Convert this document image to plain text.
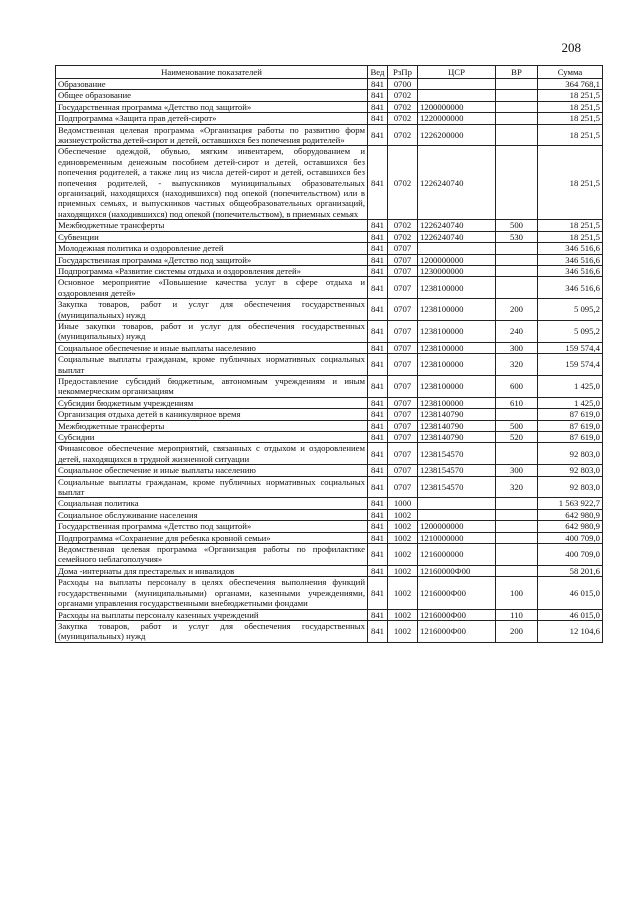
208
Наименование показателей	Вед	РзПр	ЦСР	ВР	Сумма
Образование	841	0700			364 768,1
Общее образование	841	0702			18 251,5
Государственная программа «Детство под защитой»	841	0702	1200000000		18 251,5
Подпрограмма «Защита прав детей-сирот»	841	0702	1220000000		18 251,5
Ведомственная целевая программа «Организация работы по развитию форм жизнеустройства детей-сирот и детей, оставшихся без попечения родителей»	841	0702	1226200000		18 251,5
Обеспечение одеждой, обувью, мягким инвентарем, оборудованием и единовременным денежным пособием детей-сирот и детей, оставшихся без попечения родителей, а также лиц из числа детей-сирот и детей, оставшихся без попечения родителей, - выпускников муниципальных образовательных организаций, находящихся (находившихся) под опекой (попечительством) или в приемных семьях, и выпускников частных общеобразовательных организаций, находящихся (находившихся) под опекой (попечительством), в приемных семьях	841	0702	1226240740		18 251,5
Межбюджетные трансферты	841	0702	1226240740	500	18 251,5
Субвенции	841	0702	1226240740	530	18 251,5
Молодежная политика и оздоровление детей	841	0707			346 516,6
Государственная программа «Детство под защитой»	841	0707	1200000000		346 516,6
Подпрограмма «Развитие системы отдыха и оздоровления детей»	841	0707	1230000000		346 516,6
Основное мероприятие «Повышение качества услуг в сфере отдыха и оздоровления детей»	841	0707	1238100000		346 516,6
Закупка товаров, работ и услуг для обеспечения государственных (муниципальных) нужд	841	0707	1238100000	200	5 095,2
Иные закупки товаров, работ и услуг для обеспечения государственных (муниципальных) нужд	841	0707	1238100000	240	5 095,2
Социальное обеспечение и иные выплаты населению	841	0707	1238100000	300	159 574,4
Социальные выплаты гражданам, кроме публичных нормативных социальных выплат	841	0707	1238100000	320	159 574,4
Предоставление субсидий бюджетным, автономным учреждениям и иным некоммерческим организациям	841	0707	1238100000	600	1 425,0
Субсидии бюджетным учреждениям	841	0707	1238100000	610	1 425,0
Организация отдыха детей в каникулярное время	841	0707	1238140790		87 619,0
Межбюджетные трансферты	841	0707	1238140790	500	87 619,0
Субсидии	841	0707	1238140790	520	87 619,0
Финансовое обеспечение мероприятий, связанных с отдыхом и оздоровлением детей, находящихся в трудной жизненной ситуации	841	0707	1238154570		92 803,0
Социальное обеспечение и иные выплаты населению	841	0707	1238154570	300	92 803,0
Социальные выплаты гражданам, кроме публичных нормативных социальных выплат	841	0707	1238154570	320	92 803,0
Социальная политика	841	1000			1 563 922,7
Социальное обслуживание населения	841	1002			642 980,9
Государственная программа «Детство под защитой»	841	1002	1200000000		642 980,9
Подпрограмма «Сохранение для ребенка кровной семьи»	841	1002	1210000000		400 709,0
Ведомственная целевая программа «Организация работы по профилактике семейного неблагополучия»	841	1002	1216000000		400 709,0
Дома -интернаты для престарелых и инвалидов	841	1002	12160000Ф00		58 201,6
Расходы на выплаты персоналу в целях обеспечения выполнения функций государственными (муниципальными) органами, казенными учреждениями, органами управления государственными внебюджетными фондами	841	1002	1216000Ф00	100	46 015,0
Расходы на выплаты персоналу казенных учреждений	841	1002	1216000Ф00	110	46 015,0
Закупка товаров, работ и услуг для обеспечения государственных (муниципальных) нужд	841	1002	1216000Ф00	200	12 104,6
